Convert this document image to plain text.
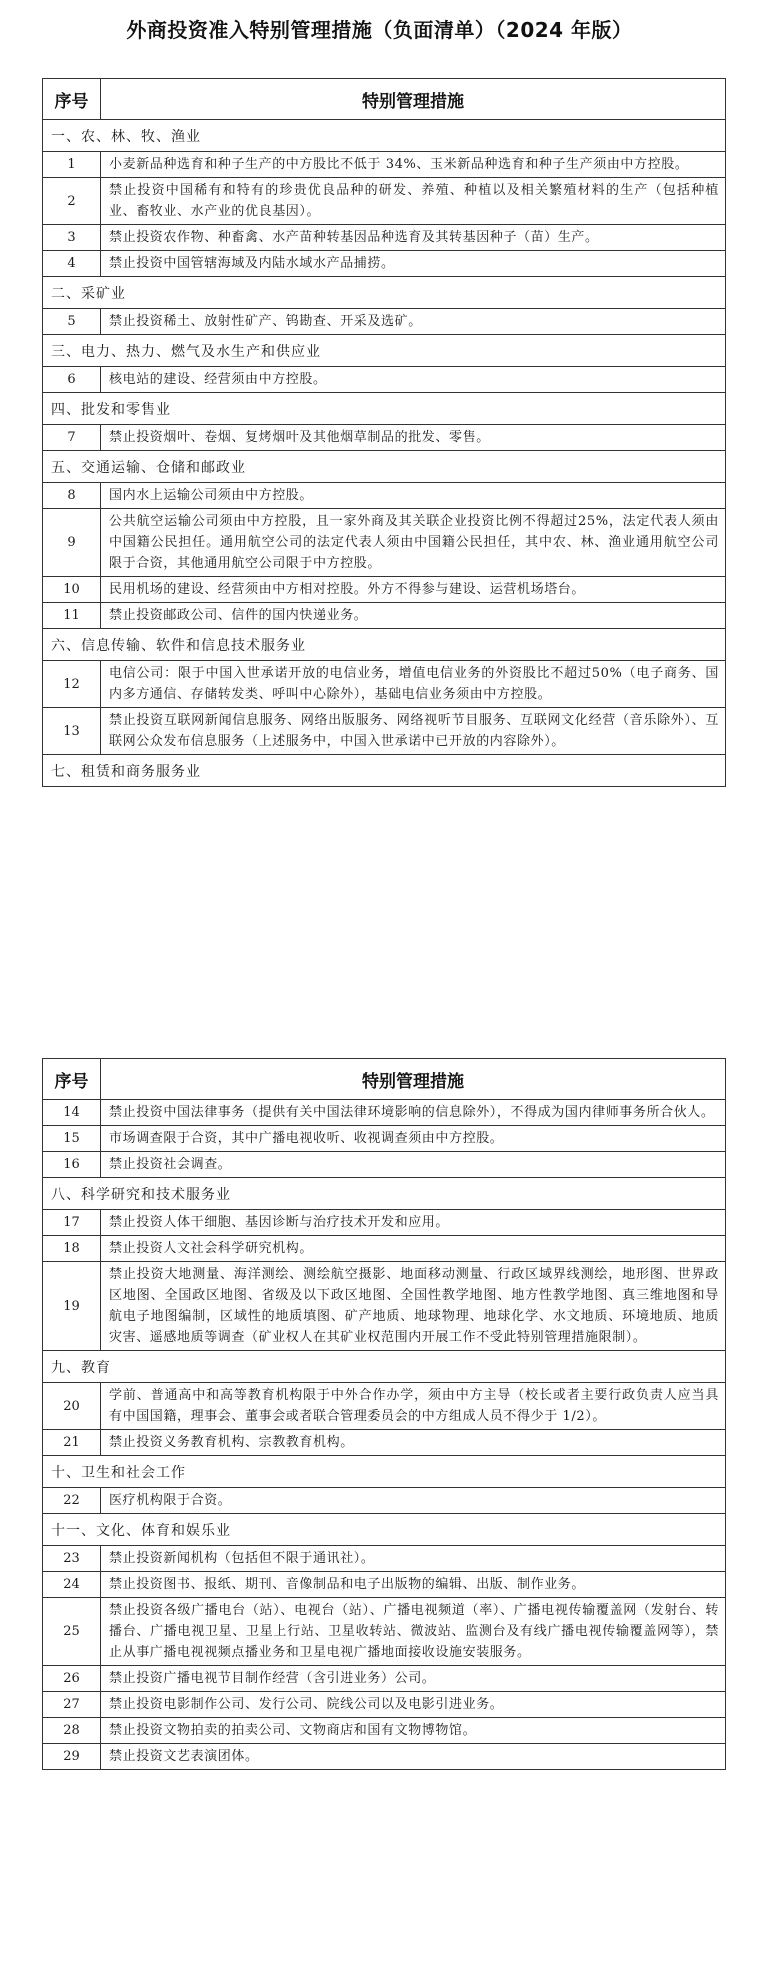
外商投资准入特别管理措施（负面清单）（2024 年版）
序号	特别管理措施
一、农、林、牧、渔业	
1	小麦新品种选育和种子生产的中方股比不低于 34%、玉米新品种选育和种子生产须由中方控股。
2	禁止投资中国稀有和特有的珍贵优良品种的研发、养殖、种植以及相关繁殖材料的生产（包括种植业、畜牧业、水产业的优良基因）。
3	禁止投资农作物、种畜禽、水产苗种转基因品种选育及其转基因种子（苗）生产。
4	禁止投资中国管辖海域及内陆水域水产品捕捞。
二、采矿业	
5	禁止投资稀土、放射性矿产、钨勘查、开采及选矿。
三、电力、热力、燃气及水生产和供应业	
6	核电站的建设、经营须由中方控股。
四、批发和零售业	
7	禁止投资烟叶、卷烟、复烤烟叶及其他烟草制品的批发、零售。
五、交通运输、仓储和邮政业	
8	国内水上运输公司须由中方控股。
9	公共航空运输公司须由中方控股，且一家外商及其关联企业投资比例不得超过25%，法定代表人须由中国籍公民担任。通用航空公司的法定代表人须由中国籍公民担任，其中农、林、渔业通用航空公司限于合资，其他通用航空公司限于中方控股。
10	民用机场的建设、经营须由中方相对控股。外方不得参与建设、运营机场塔台。
11	禁止投资邮政公司、信件的国内快递业务。
六、信息传输、软件和信息技术服务业	
12	电信公司：限于中国入世承诺开放的电信业务，增值电信业务的外资股比不超过50%（电子商务、国内多方通信、存储转发类、呼叫中心除外），基础电信业务须由中方控股。
13	禁止投资互联网新闻信息服务、网络出版服务、网络视听节目服务、互联网文化经营（音乐除外）、互联网公众发布信息服务（上述服务中，中国入世承诺中已开放的内容除外）。
七、租赁和商务服务业	
序号	特别管理措施
14	禁止投资中国法律事务（提供有关中国法律环境影响的信息除外），不得成为国内律师事务所合伙人。
15	市场调查限于合资，其中广播电视收听、收视调查须由中方控股。
16	禁止投资社会调查。
八、科学研究和技术服务业	
17	禁止投资人体干细胞、基因诊断与治疗技术开发和应用。
18	禁止投资人文社会科学研究机构。
19	禁止投资大地测量、海洋测绘、测绘航空摄影、地面移动测量、行政区域界线测绘，地形图、世界政区地图、全国政区地图、省级及以下政区地图、全国性教学地图、地方性教学地图、真三维地图和导航电子地图编制，区域性的地质填图、矿产地质、地球物理、地球化学、水文地质、环境地质、地质灾害、遥感地质等调查（矿业权人在其矿业权范围内开展工作不受此特别管理措施限制）。
九、教育	
20	学前、普通高中和高等教育机构限于中外合作办学，须由中方主导（校长或者主要行政负责人应当具有中国国籍，理事会、董事会或者联合管理委员会的中方组成人员不得少于 1/2）。
21	禁止投资义务教育机构、宗教教育机构。
十、卫生和社会工作	
22	医疗机构限于合资。
十一、文化、体育和娱乐业	
23	禁止投资新闻机构（包括但不限于通讯社）。
24	禁止投资图书、报纸、期刊、音像制品和电子出版物的编辑、出版、制作业务。
25	禁止投资各级广播电台（站）、电视台（站）、广播电视频道（率）、广播电视传输覆盖网（发射台、转播台、广播电视卫星、卫星上行站、卫星收转站、微波站、监测台及有线广播电视传输覆盖网等），禁止从事广播电视视频点播业务和卫星电视广播地面接收设施安装服务。
26	禁止投资广播电视节目制作经营（含引进业务）公司。
27	禁止投资电影制作公司、发行公司、院线公司以及电影引进业务。
28	禁止投资文物拍卖的拍卖公司、文物商店和国有文物博物馆。
29	禁止投资文艺表演团体。
